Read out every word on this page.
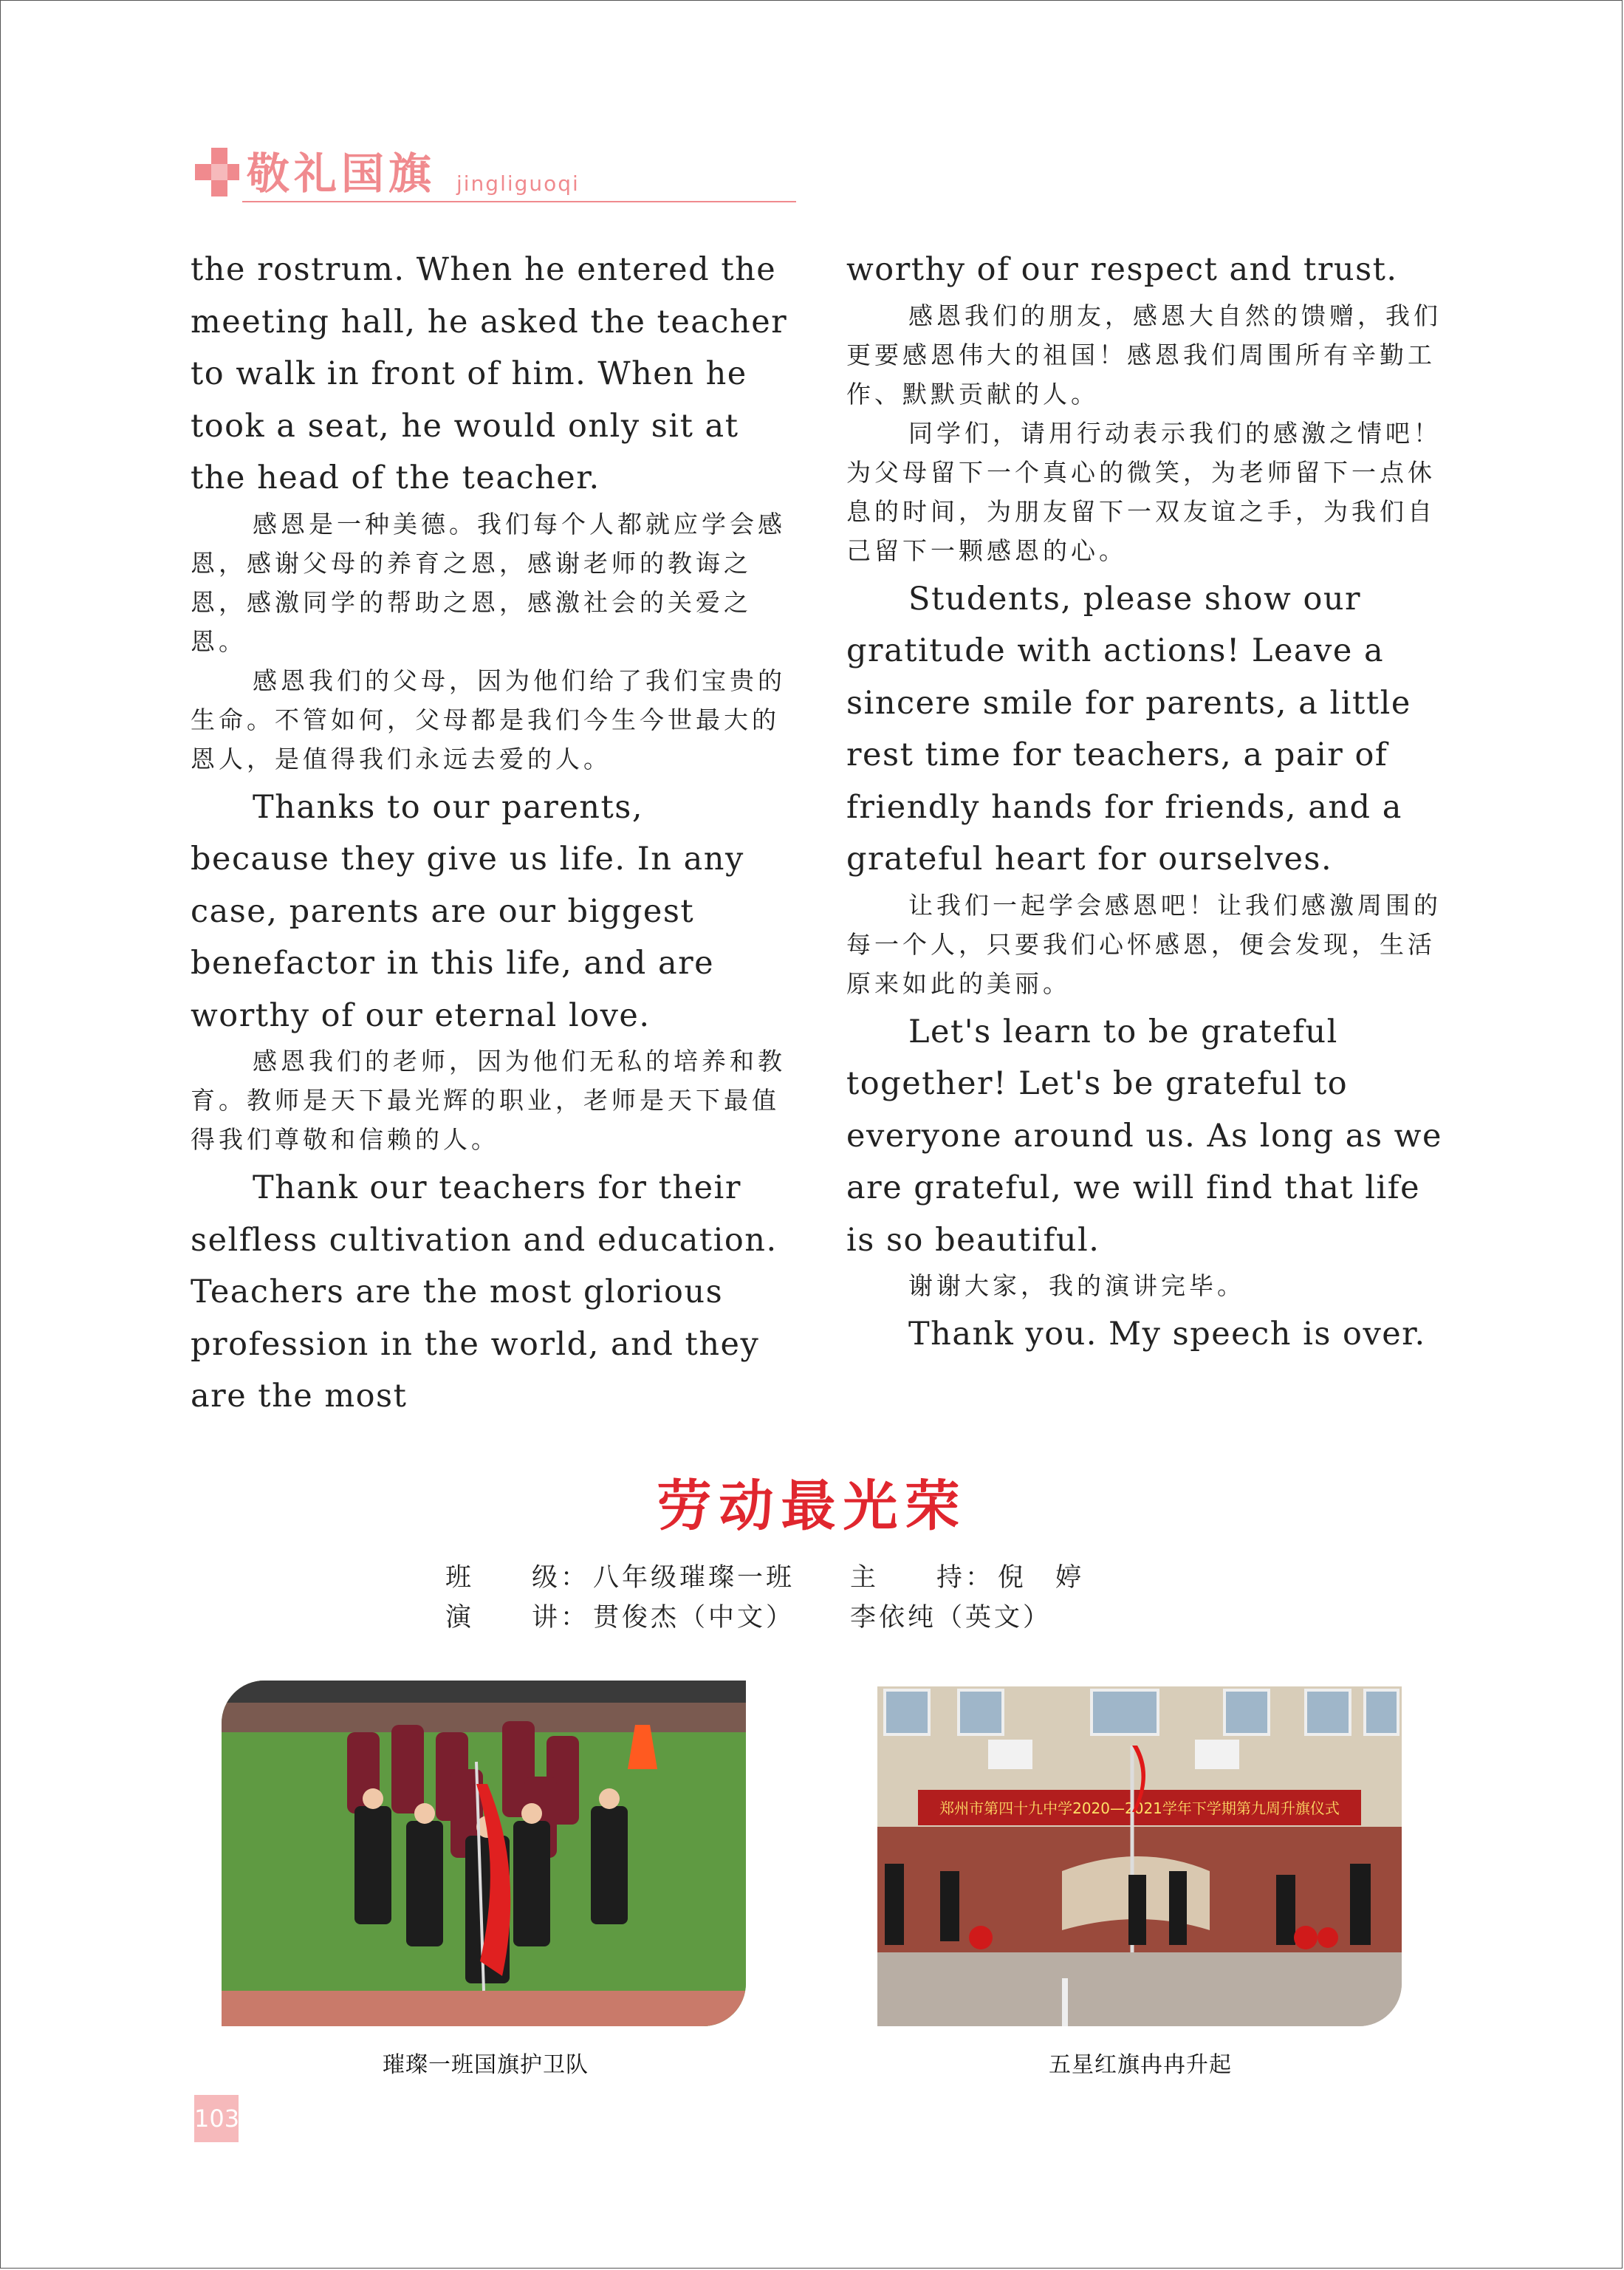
敬礼国旗 jingliguoqi

the rostrum. When he entered the meeting hall, he asked the teacher to walk in front of him. When he took a seat, he would only sit at the head of the teacher.

感恩是一种美德。我们每个人都就应学会感恩，感谢父母的养育之恩，感谢老师的教诲之恩，感激同学的帮助之恩，感激社会的关爱之恩。

感恩我们的父母，因为他们给了我们宝贵的生命。不管如何，父母都是我们今生今世最大的恩人，是值得我们永远去爱的人。

Thanks to our parents, because they give us life. In any case, parents are our biggest benefactor in this life, and are worthy of our eternal love.

感恩我们的老师，因为他们无私的培养和教育。教师是天下最光辉的职业，老师是天下最值得我们尊敬和信赖的人。

Thank our teachers for their selfless cultivation and education. Teachers are the most glorious profession in the world, and they are the most

worthy of our respect and trust.

感恩我们的朋友，感恩大自然的馈赠，我们更要感恩伟大的祖国！感恩我们周围所有辛勤工作、默默贡献的人。

同学们，请用行动表示我们的感激之情吧！为父母留下一个真心的微笑，为老师留下一点休息的时间，为朋友留下一双友谊之手，为我们自己留下一颗感恩的心。

Students, please show our gratitude with actions! Leave a sincere smile for parents, a little rest time for teachers, a pair of friendly hands for friends, and a grateful heart for ourselves.

让我们一起学会感恩吧！让我们感激周围的每一个人，只要我们心怀感恩，便会发现，生活原来如此的美丽。

Let's learn to be grateful together! Let's be grateful to everyone around us. As long as we are grateful, we will find that life is so beautiful.

谢谢大家，我的演讲完毕。

Thank you. My speech is over.

劳动最光荣
班　　级： 八年级璀璨一班 主　　持： 倪　婷
演　　讲： 贯俊杰（中文） 李依纯（英文）
璀璨一班国旗护卫队
郑州市第四十九中学2020—2021学年下学期第九周升旗仪式
五星红旗冉冉升起
103
